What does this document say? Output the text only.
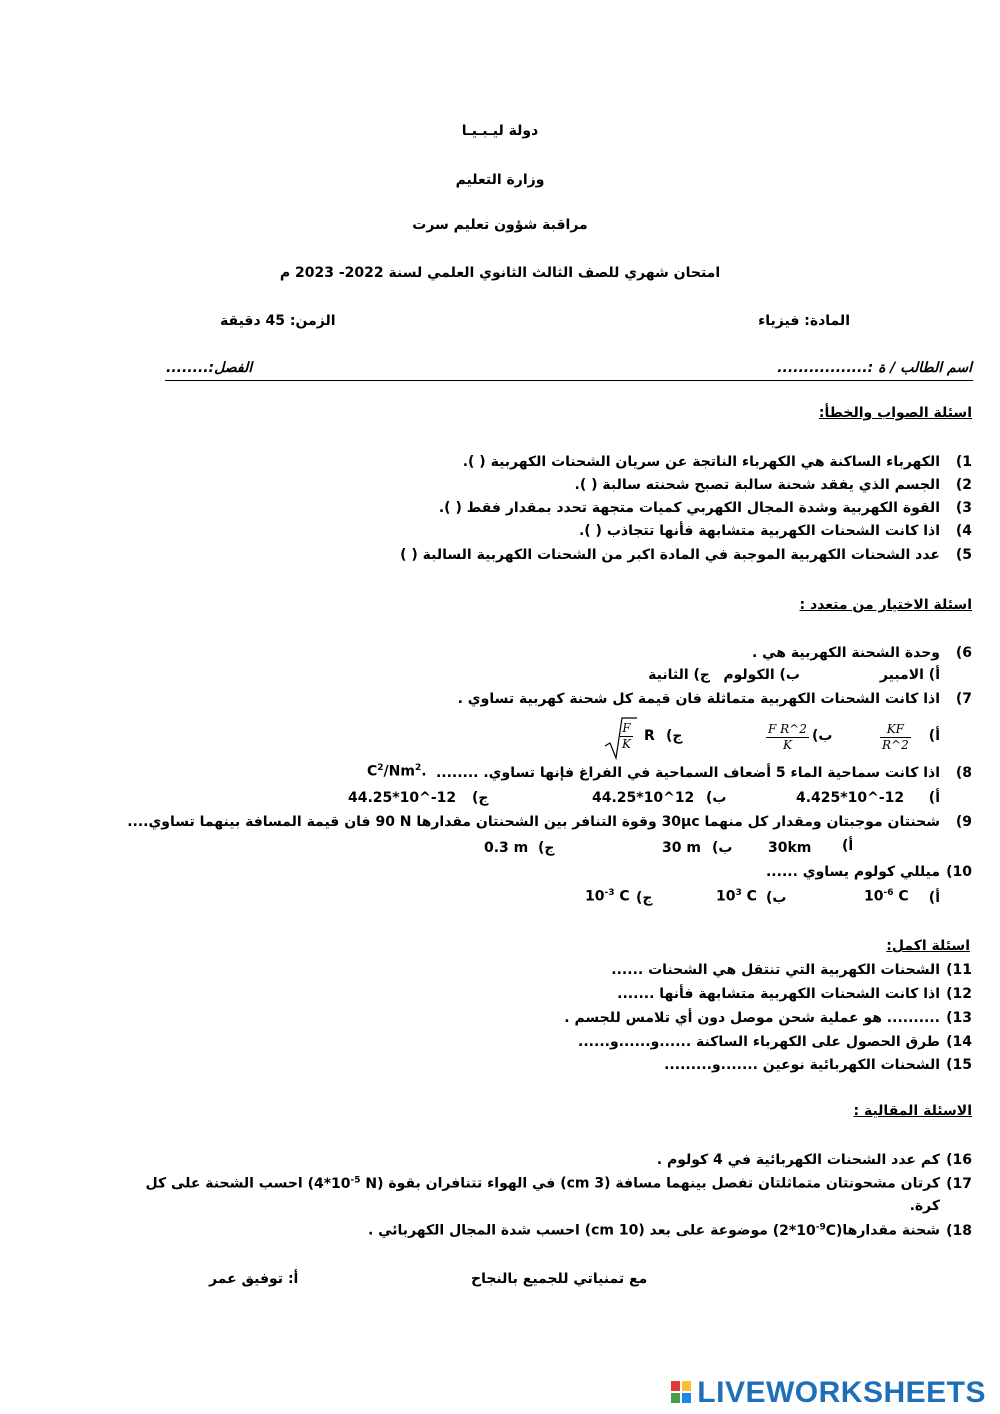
دولة ليـبـيـا
وزارة التعليم
مراقبة شؤون تعليم سرت
امتحان شهري للصف الثالث الثانوي العلمي لسنة 2022- 2023 م
المادة: فيزياء
الزمن: 45 دقيقة
اسم الطالب / ة :.................
الفصل:........
اسئلة الصواب والخطأ:
1)الكهرباء الساكنة هي الكهرباء الناتجة عن سريان الشحنات الكهربية ( ).
2)الجسم الذي يفقد شحنة سالبة تصبح شحنته سالبة ( ).
3)القوة الكهربية وشدة المجال الكهربي كميات متجهة تحدد بمقدار فقط ( ).
4)اذا كانت الشحنات الكهربية متشابهة فأنها تتجاذب ( ).
5)عدد الشحنات الكهربية الموجبة في المادة اكبر من الشحنات الكهربية السالبة ( )
اسئلة الاختيار من متعدد :
6)وحدة الشحنة الكهربية هي .
أ) الامبير
ب) الكولوم
ج) الثانية
7)اذا كانت الشحنات الكهربية متماثلة فان قيمة كل شحنة كهربية تساوي .
أ)
$\frac{KF}{R\^{}2}$
ب)
$\frac{\text{F R\textasciicircum{}2}}{K}$
ج)
R
$\frac{F}{K}$
8)اذا كانت سماحية الماء 5 أضعاف السماحية في الفراغ فإنها تساوي. ........
$C^2/Nm^2$.
أ)
4.425*10^-12
ب)
44.25*10^12
ج)
44.25*10^-12
9)شحنتان موجبتان ومقدار كل منهما 30μc وقوة التنافر بين الشحنتان مقدارها 90 N فان قيمة المسافة بينهما تساوي....
أ)
30km
ب)
30 m
ج)
0.3 m
10)ميللي كولوم يساوي ......
أ)
$10^{-6}$ C
ب)
$10^3$ C
ج)
$10^{-3}$ C
اسئلة اكمل:
11)الشحنات الكهربية التي تنتقل هي الشحنات ......
12)اذا كانت الشحنات الكهربية متشابهة فأنها .......
13).......... هو عملية شحن موصل دون أي تلامس للجسم .
14)طرق الحصول على الكهرباء الساكنة ......و......و......
15)الشحنات الكهربائية نوعين .......و.........
الاسئلة المقالية :
16)كم عدد الشحنات الكهربائية في 4 كولوم .
17)كرتان مشحونتان متماثلتان تفصل بينهما مسافة (3 cm) في الهواء تتنافران بقوة ($4*10^{-5}$ N) احسب الشحنة على كل
كرة.
18)شحنة $مقدارها(2*10^{-9}C)$ موضوعة على بعد (10 cm) احسب شدة المجال الكهربائي .
مع تمنياتي للجميع بالنجاح
أ: توفيق عمر
LIVEWORKSHEETS
